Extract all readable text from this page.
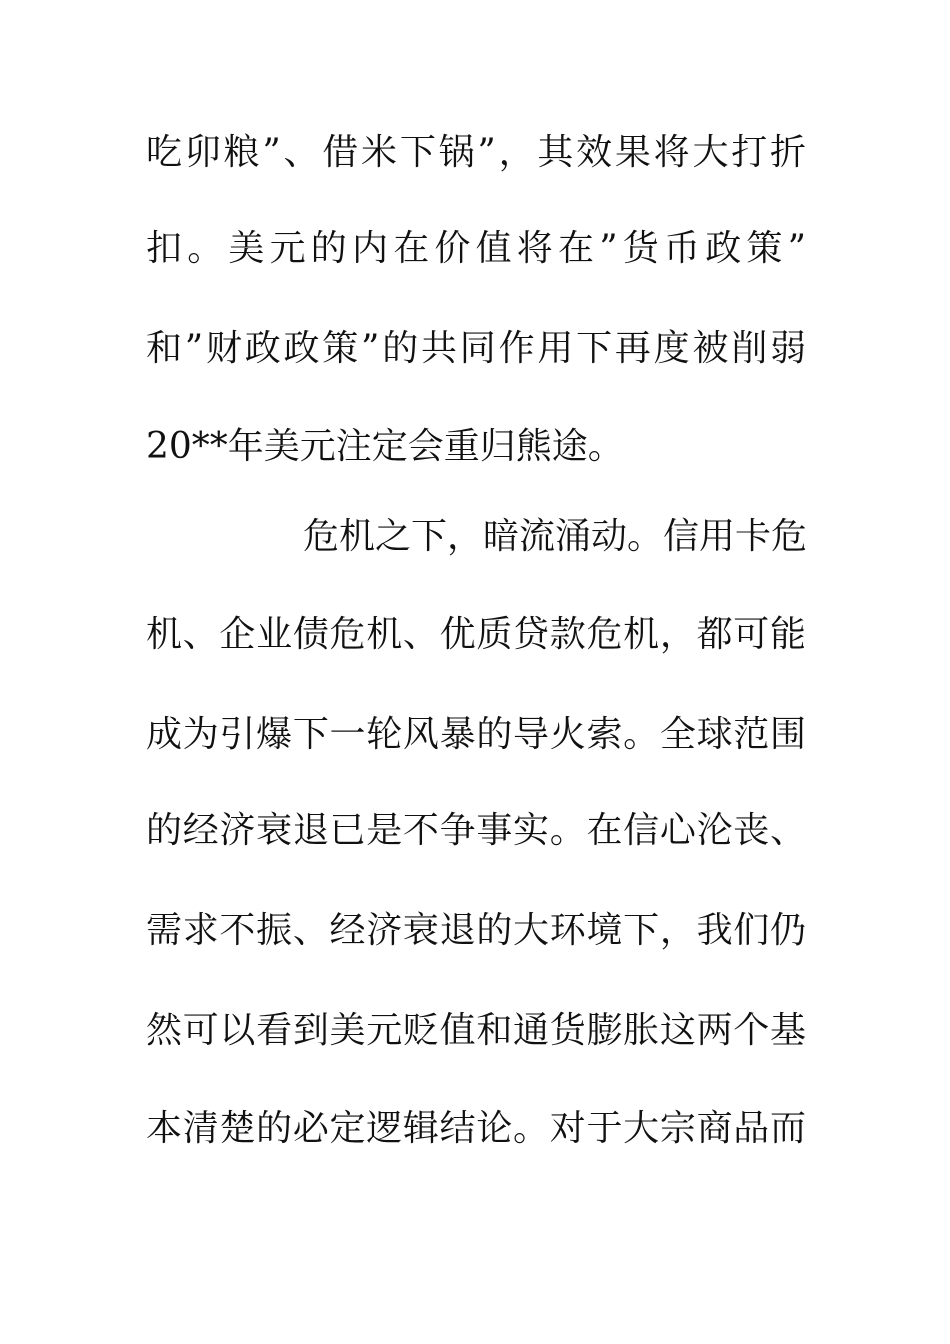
吃卯粮”、借米下锅”，其效果将大打折
扣。美元的内在价值将在”货币政策”
和”财政政策”的共同作用下再度被削弱
20**年美元注定会重归熊途。
危机之下，暗流涌动。信用卡危
机、企业债危机、优质贷款危机，都可能
成为引爆下一轮风暴的导火索。全球范围
的经济衰退已是不争事实。在信心沦丧、
需求不振、经济衰退的大环境下，我们仍
然可以看到美元贬值和通货膨胀这两个基
本清楚的必定逻辑结论。对于大宗商品而
